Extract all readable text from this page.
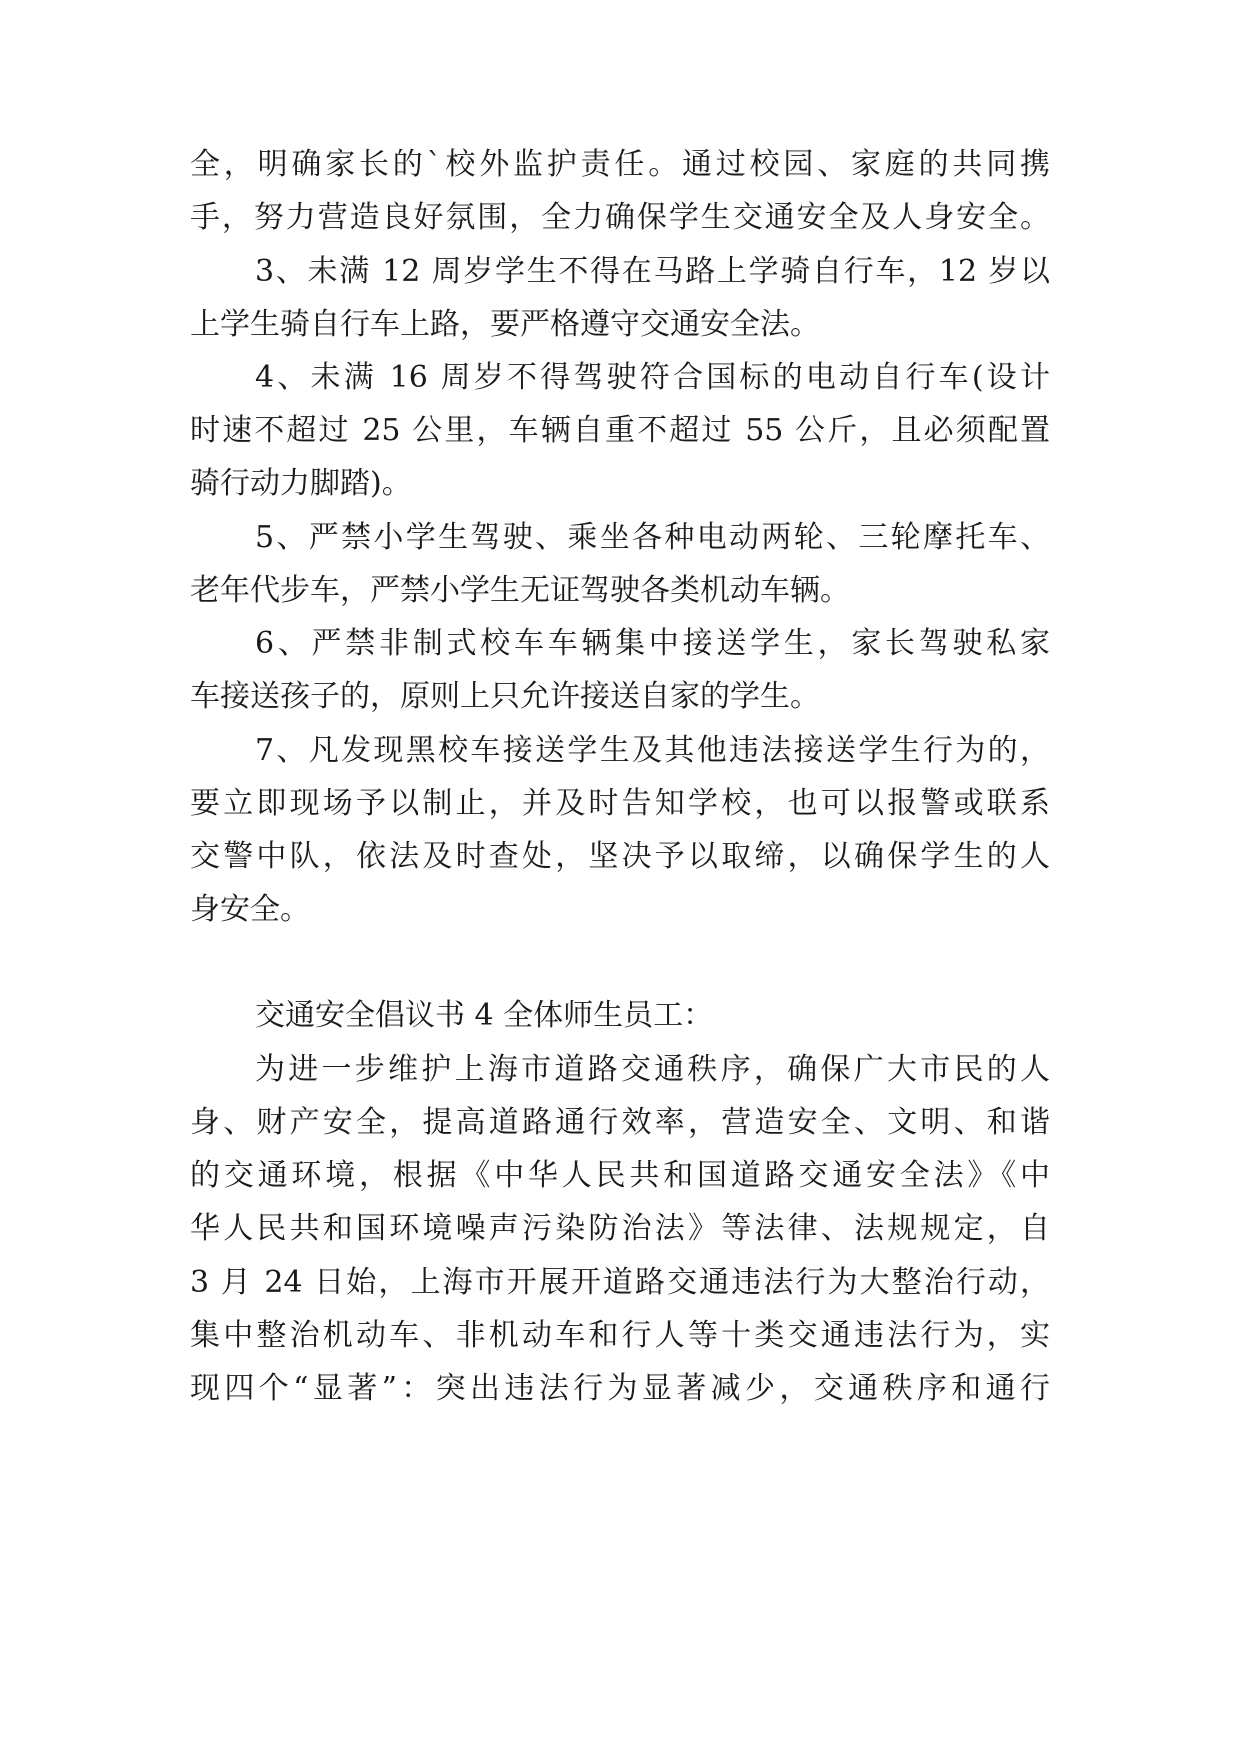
全，明确家长的`校外监护责任。通过校园、家庭的共同携
手，努力营造良好氛围，全力确保学生交通安全及人身安全。
3、未满 12 周岁学生不得在马路上学骑自行车，12 岁以
上学生骑自行车上路，要严格遵守交通安全法。
4、未满 16 周岁不得驾驶符合国标的电动自行车(设计
时速不超过 25 公里，车辆自重不超过 55 公斤，且必须配置
骑行动力脚踏)。
5、严禁小学生驾驶、乘坐各种电动两轮、三轮摩托车、
老年代步车，严禁小学生无证驾驶各类机动车辆。
6、严禁非制式校车车辆集中接送学生，家长驾驶私家
车接送孩子的，原则上只允许接送自家的学生。
7、凡发现黑校车接送学生及其他违法接送学生行为的，
要立即现场予以制止，并及时告知学校，也可以报警或联系
交警中队，依法及时查处，坚决予以取缔，以确保学生的人
身安全。
交通安全倡议书 4 全体师生员工：
为进一步维护上海市道路交通秩序，确保广大市民的人
身、财产安全，提高道路通行效率，营造安全、文明、和谐
的交通环境，根据《中华人民共和国道路交通安全法》《中
华人民共和国环境噪声污染防治法》等法律、法规规定，自
3 月 24 日始，上海市开展开道路交通违法行为大整治行动，
集中整治机动车、非机动车和行人等十类交通违法行为，实
现四个“显著”：突出违法行为显著减少，交通秩序和通行
